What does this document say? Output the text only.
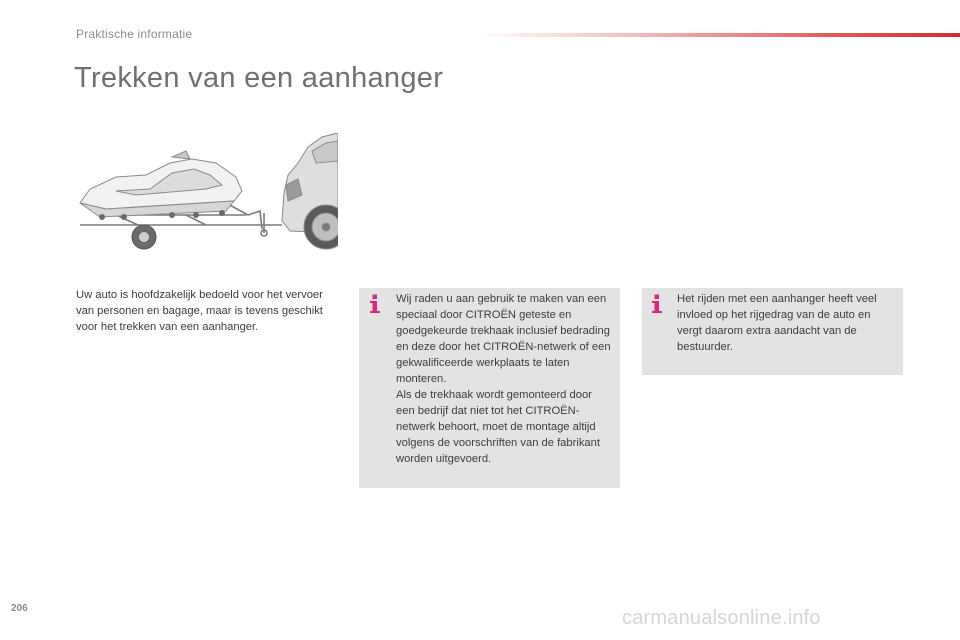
Praktische informatie
Trekken van een aanhanger
Uw auto is hoofdzakelijk bedoeld voor het vervoer van personen en bagage, maar is tevens geschikt voor het trekken van een aanhanger.

Wij raden u aan gebruik te maken van een speciaal door CITROËN geteste en goedgekeurde trekhaak inclusief bedrading en deze door het CITROËN-netwerk of een gekwalificeerde werkplaats te laten monteren.

Als de trekhaak wordt gemonteerd door een bedrijf dat niet tot het CITROËN-netwerk behoort, moet de montage altijd volgens de voorschriften van de fabrikant worden uitgevoerd.

Het rijden met een aanhanger heeft veel invloed op het rijgedrag van de auto en vergt daarom extra aandacht van de bestuurder.

206	carmanualsonline.info
